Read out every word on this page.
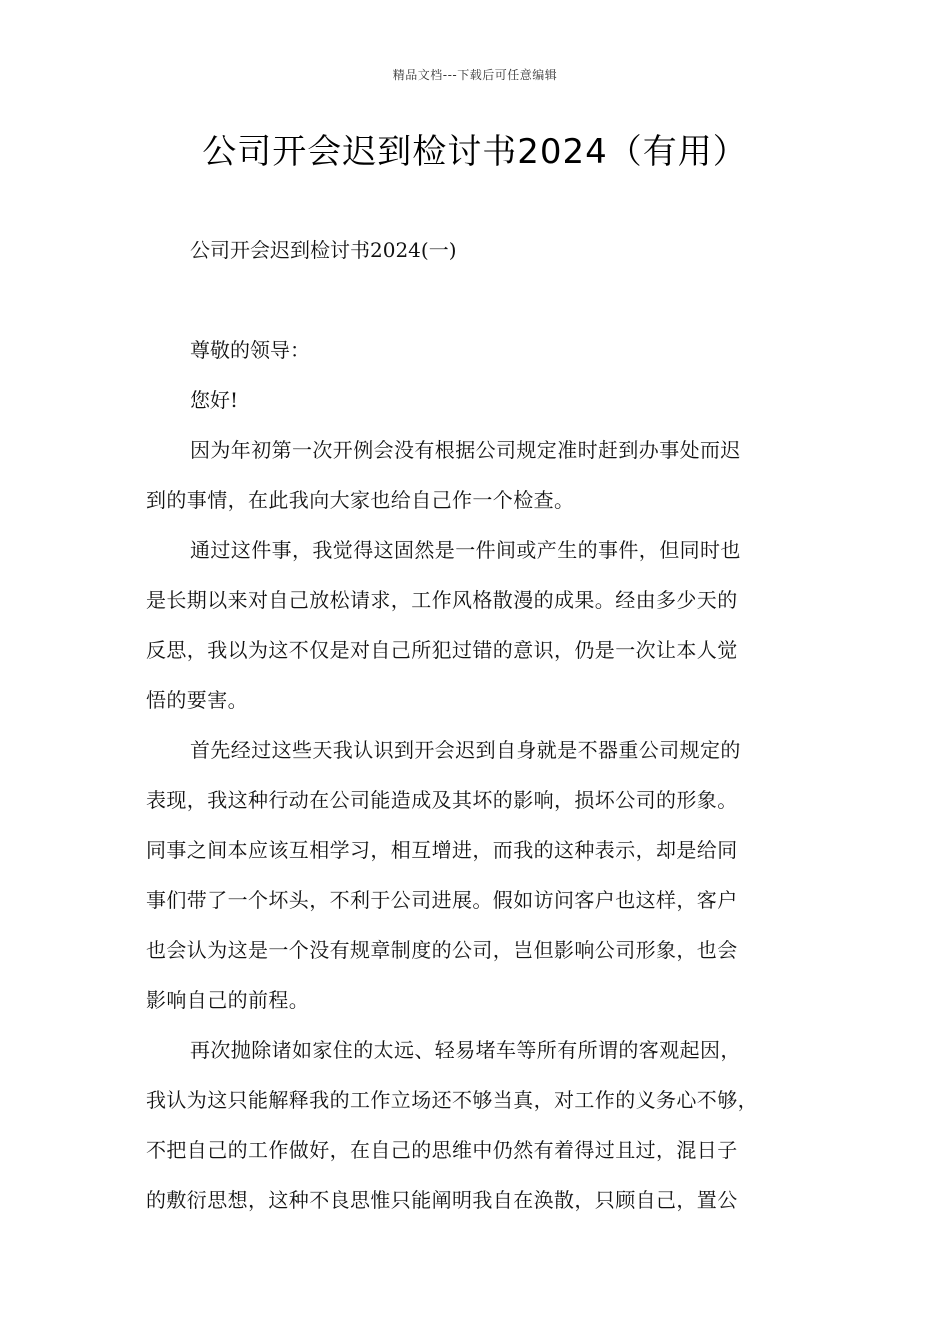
精品文档---下载后可任意编辑
公司开会迟到检讨书2024（有用）
公司开会迟到检讨书2024(一)
尊敬的领导：
您好!
因为年初第一次开例会没有根据公司规定准时赶到办事处而迟
到的事情，在此我向大家也给自己作一个检查。
通过这件事，我觉得这固然是一件间或产生的事件，但同时也
是长期以来对自己放松请求，工作风格散漫的成果。经由多少天的
反思，我以为这不仅是对自己所犯过错的意识，仍是一次让本人觉
悟的要害。
首先经过这些天我认识到开会迟到自身就是不器重公司规定的
表现，我这种行动在公司能造成及其坏的影响，损坏公司的形象。
同事之间本应该互相学习，相互增进，而我的这种表示，却是给同
事们带了一个坏头，不利于公司进展。假如访问客户也这样，客户
也会认为这是一个没有规章制度的公司，岂但影响公司形象，也会
影响自己的前程。
再次抛除诸如家住的太远、轻易堵车等所有所谓的客观起因，
我认为这只能解释我的工作立场还不够当真，对工作的义务心不够，
不把自己的工作做好，在自己的思维中仍然有着得过且过，混日子
的敷衍思想，这种不良思惟只能阐明我自在涣散，只顾自己，置公
